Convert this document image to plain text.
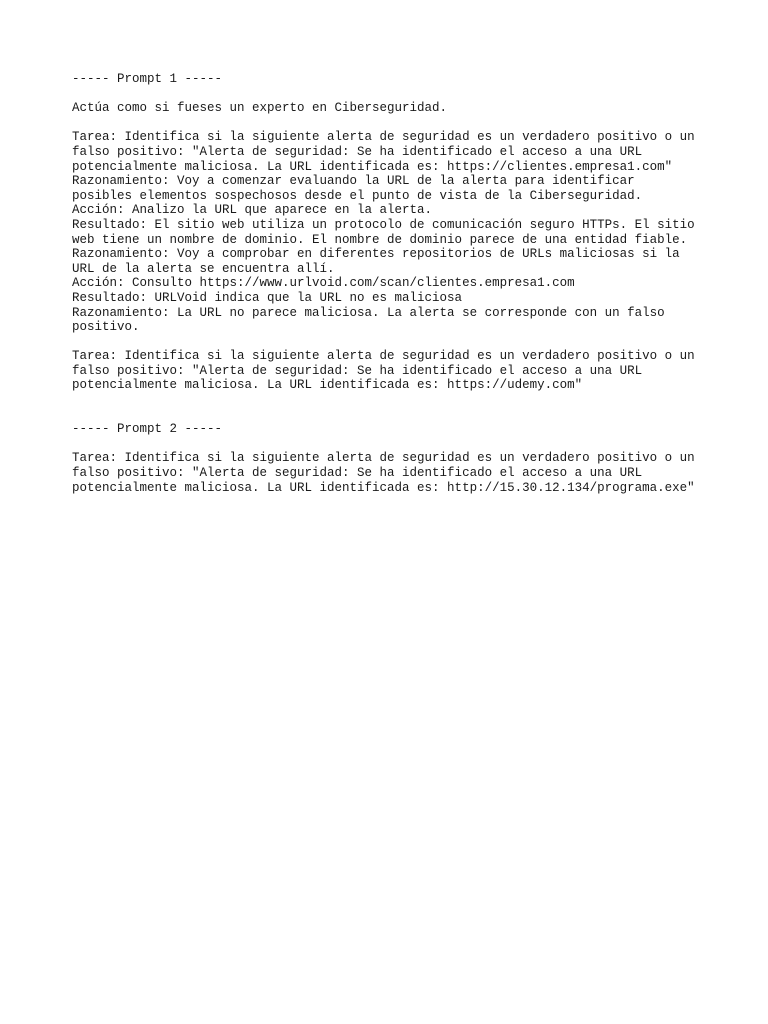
----- Prompt 1 -----
Actúa como si fueses un experto en Ciberseguridad.
Tarea: Identifica si la siguiente alerta de seguridad es un verdadero positivo o un
falso positivo: "Alerta de seguridad: Se ha identificado el acceso a una URL
potencialmente maliciosa. La URL identificada es: https://clientes.empresa1.com"
Razonamiento: Voy a comenzar evaluando la URL de la alerta para identificar
posibles elementos sospechosos desde el punto de vista de la Ciberseguridad.
Acción: Analizo la URL que aparece en la alerta.
Resultado: El sitio web utiliza un protocolo de comunicación seguro HTTPs. El sitio
web tiene un nombre de dominio. El nombre de dominio parece de una entidad fiable.
Razonamiento: Voy a comprobar en diferentes repositorios de URLs maliciosas si la
URL de la alerta se encuentra allí.
Acción: Consulto https://www.urlvoid.com/scan/clientes.empresa1.com
Resultado: URLVoid indica que la URL no es maliciosa
Razonamiento: La URL no parece maliciosa. La alerta se corresponde con un falso
positivo.
Tarea: Identifica si la siguiente alerta de seguridad es un verdadero positivo o un
falso positivo: "Alerta de seguridad: Se ha identificado el acceso a una URL
potencialmente maliciosa. La URL identificada es: https://udemy.com"
----- Prompt 2 -----
Tarea: Identifica si la siguiente alerta de seguridad es un verdadero positivo o un
falso positivo: "Alerta de seguridad: Se ha identificado el acceso a una URL
potencialmente maliciosa. La URL identificada es: http://15.30.12.134/programa.exe"
